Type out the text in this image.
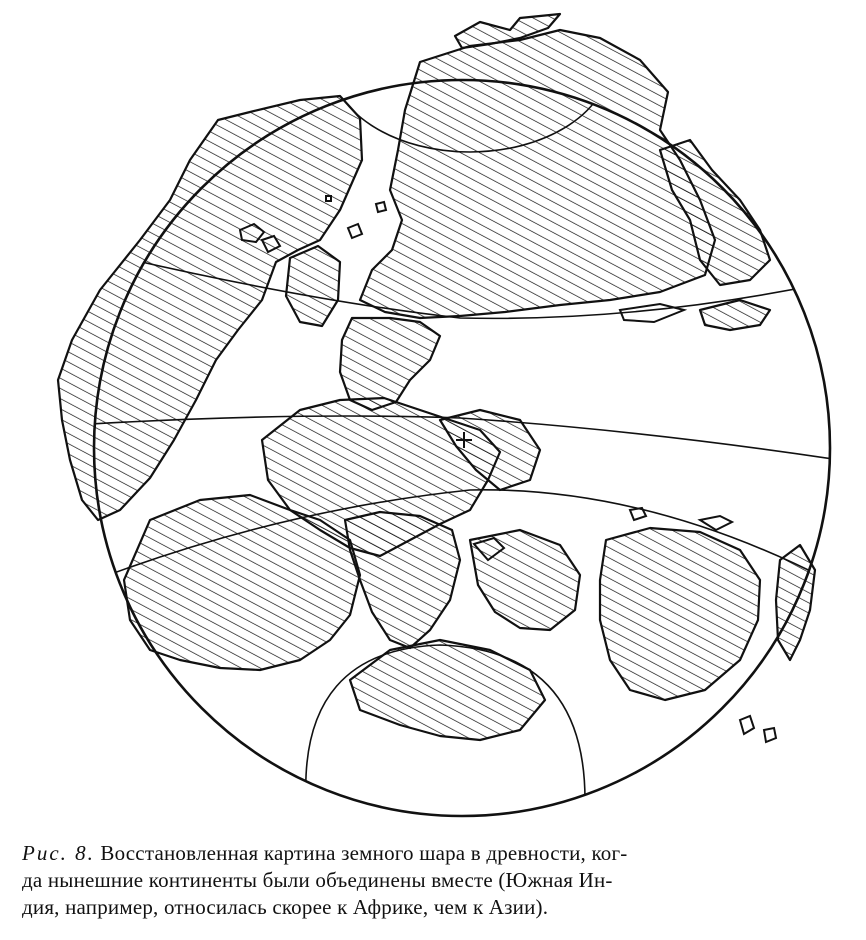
Рис. 8. Восстановленная картина земного шара в древности, ког-
да нынешние континенты были объединены вместе (Южная Ин-
дия, например, относилась скорее к Африке, чем к Азии).
